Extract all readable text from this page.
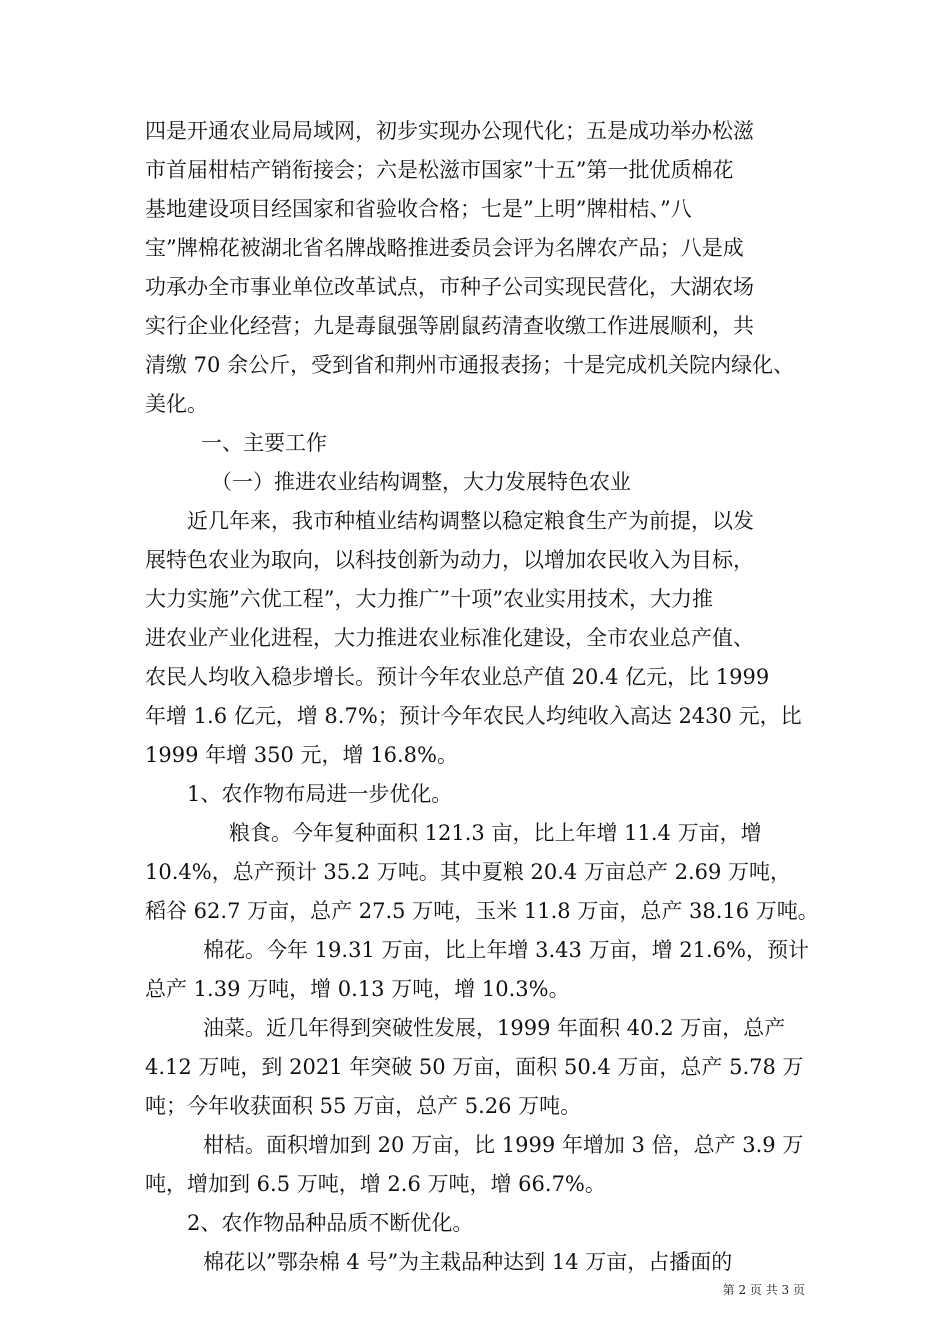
四是开通农业局局域网，初步实现办公现代化；五是成功举办松滋

市首届柑桔产销衔接会；六是松滋市国家”十五”第一批优质棉花

基地建设项目经国家和省验收合格；七是”上明”牌柑桔、”八

宝”牌棉花被湖北省名牌战略推进委员会评为名牌农产品；八是成

功承办全市事业单位改革试点，市种子公司实现民营化，大湖农场

实行企业化经营；九是毒鼠强等剧鼠药清查收缴工作进展顺利，共

清缴 70 余公斤，受到省和荆州市通报表扬；十是完成机关院内绿化、

美化。

一、主要工作

（一）推进农业结构调整，大力发展特色农业

近几年来，我市种植业结构调整以稳定粮食生产为前提，以发

展特色农业为取向，以科技创新为动力，以增加农民收入为目标，

大力实施”六优工程”，大力推广”十项”农业实用技术，大力推

进农业产业化进程，大力推进农业标准化建设，全市农业总产值、

农民人均收入稳步增长。预计今年农业总产值 20.4 亿元，比 1999

年增 1.6 亿元，增 8.7%；预计今年农民人均纯收入高达 2430 元，比

1999 年增 350 元，增 16.8%。

1、农作物布局进一步优化。

粮食。今年复种面积 121.3 亩，比上年增 11.4 万亩，增

10.4%，总产预计 35.2 万吨。其中夏粮 20.4 万亩总产 2.69 万吨，

稻谷 62.7 万亩，总产 27.5 万吨，玉米 11.8 万亩，总产 38.16 万吨。

棉花。今年 19.31 万亩，比上年增 3.43 万亩，增 21.6%，预计

总产 1.39 万吨，增 0.13 万吨，增 10.3%。

油菜。近几年得到突破性发展，1999 年面积 40.2 万亩，总产

4.12 万吨，到 2021 年突破 50 万亩，面积 50.4 万亩，总产 5.78 万

吨；今年收获面积 55 万亩，总产 5.26 万吨。

柑桔。面积增加到 20 万亩，比 1999 年增加 3 倍，总产 3.9 万

吨，增加到 6.5 万吨，增 2.6 万吨，增 66.7%。

2、农作物品种品质不断优化。

棉花以”鄂杂棉 4 号”为主栽品种达到 14 万亩，占播面的

第 2 页 共 3 页
